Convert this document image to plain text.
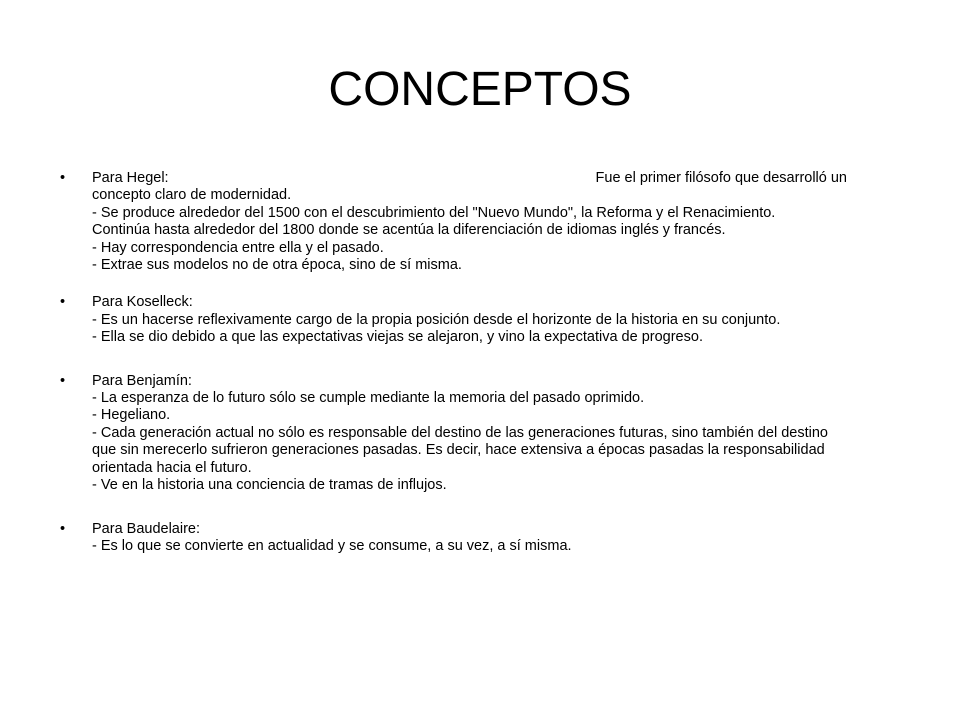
CONCEPTOS
• Para Hegel:	Fue el primer filósofo que desarrolló un
concepto claro de modernidad.
- Se produce alrededor del 1500 con el descubrimiento del "Nuevo Mundo", la Reforma y el Renacimiento.
Continúa hasta alrededor del 1800 donde se acentúa la diferenciación de idiomas inglés y francés.
- Hay correspondencia entre ella y el pasado.
- Extrae sus modelos no de otra época, sino de sí misma.
• Para Koselleck:
- Es un hacerse reflexivamente cargo de la propia posición desde el horizonte de la historia en su conjunto.
- Ella se dio debido a que las expectativas viejas se alejaron, y vino la expectativa de progreso.
• Para Benjamín:
- La esperanza de lo futuro sólo se cumple mediante la memoria del pasado oprimido.
- Hegeliano.
- Cada generación actual no sólo es responsable del destino de las generaciones futuras, sino también del destino
que sin merecerlo sufrieron generaciones pasadas. Es decir, hace extensiva a épocas pasadas la responsabilidad
orientada hacia el futuro.
- Ve en la historia una conciencia de tramas de influjos.
• Para Baudelaire:
- Es lo que se convierte en actualidad y se consume, a su vez, a sí misma.
